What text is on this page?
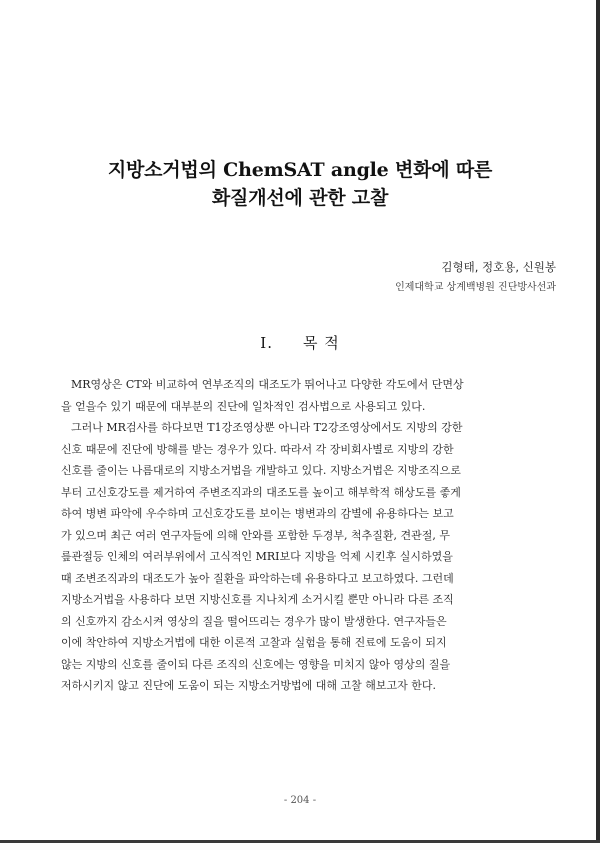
지방소거법의 ChemSAT angle 변화에 따른
화질개선에 관한 고찰
김형태, 정호용, 신원봉
인제대학교 상계백병원 진단방사선과
Ⅰ. 목 적
MR영상은 CT와 비교하여 연부조직의 대조도가 뛰어나고 다양한 각도에서 단면상
을 얻을수 있기 때문에 대부분의 진단에 일차적인 검사법으로 사용되고 있다.
그러나 MR검사를 하다보면 T1강조영상뿐 아니라 T2강조영상에서도 지방의 강한
신호 때문에 진단에 방해를 받는 경우가 있다. 따라서 각 장비회사별로 지방의 강한
신호를 줄이는 나름대로의 지방소거법을 개발하고 있다. 지방소거법은 지방조직으로
부터 고신호강도를 제거하여 주변조직과의 대조도를 높이고 해부학적 해상도를 좋게
하여 병변 파악에 우수하며 고신호강도를 보이는 병변과의 감별에 유용하다는 보고
가 있으며 최근 여러 연구자들에 의해 안와를 포함한 두경부, 척추질환, 견관절, 무
릎관절등 인체의 여러부위에서 고식적인 MRI보다 지방을 억제 시킨후 실시하였을
때 조변조직과의 대조도가 높아 질환을 파악하는데 유용하다고 보고하였다. 그런데
지방소거법을 사용하다 보면 지방신호를 지나치게 소거시킬 뿐만 아니라 다른 조직
의 신호까지 감소시켜 영상의 질을 떨어뜨리는 경우가 많이 발생한다. 연구자들은
이에 착안하여 지방소거법에 대한 이론적 고찰과 실험을 통해 진료에 도움이 되지
않는 지방의 신호를 줄이되 다른 조직의 신호에는 영향을 미치지 않아 영상의 질을
저하시키지 않고 진단에 도움이 되는 지방소거방법에 대해 고찰 해보고자 한다.
- 204 -
